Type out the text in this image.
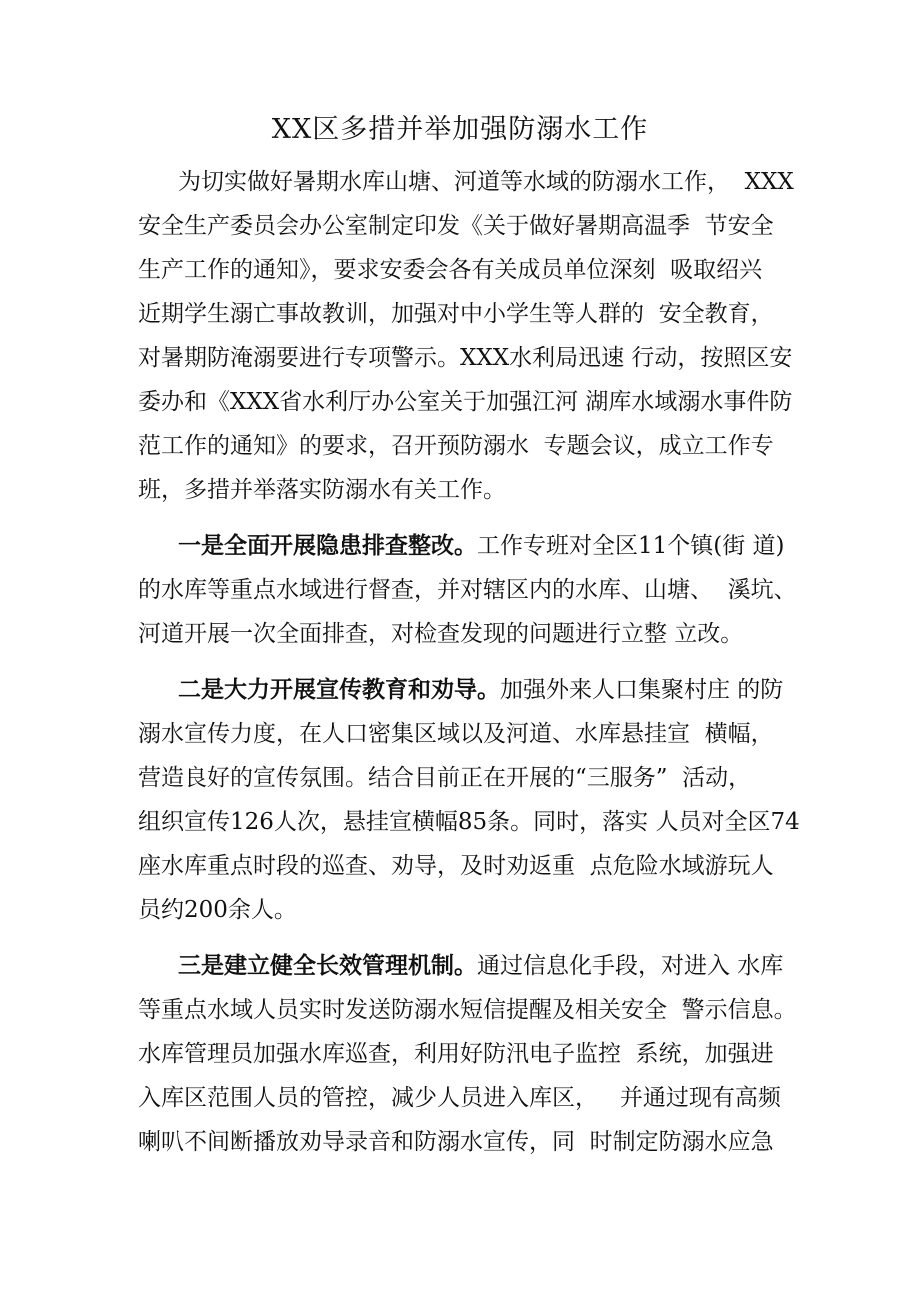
XX区多措并举加强防溺水工作
为切实做好暑期水库山塘、河道等水域的防溺水工作，  XXX
安全生产委员会办公室制定印发《关于做好暑期高温季  节安全
生产工作的通知》，要求安委会各有关成员单位深刻  吸取绍兴
近期学生溺亡事故教训，加强对中小学生等人群的  安全教育，
对暑期防淹溺要进行专项警示。XXX水利局迅速 行动，按照区安
委办和《XXX省水利厅办公室关于加强江河 湖库水域溺水事件防
范工作的通知》的要求，召开预防溺水  专题会议，成立工作专
班，多措并举落实防溺水有关工作。
一是全面开展隐患排查整改。工作专班对全区11个镇(街 道)
的水库等重点水域进行督查，并对辖区内的水库、山塘、  溪坑、
河道开展一次全面排查，对检查发现的问题进行立整 立改。
二是大力开展宣传教育和劝导。加强外来人口集聚村庄 的防
溺水宣传力度，在人口密集区域以及河道、水库悬挂宣  横幅，
营造良好的宣传氛围。结合目前正在开展的“三服务”  活动，
组织宣传126人次，悬挂宣横幅85条。同时，落实 人员对全区74
座水库重点时段的巡查、劝导，及时劝返重  点危险水域游玩人
员约200余人。
三是建立健全长效管理机制。通过信息化手段，对进入 水库
等重点水域人员实时发送防溺水短信提醒及相关安全  警示信息。
水库管理员加强水库巡查，利用好防汛电子监控  系统，加强进
入库区范围人员的管控，减少人员进入库区，   并通过现有高频
喇叭不间断播放劝导录音和防溺水宣传，同  时制定防溺水应急
